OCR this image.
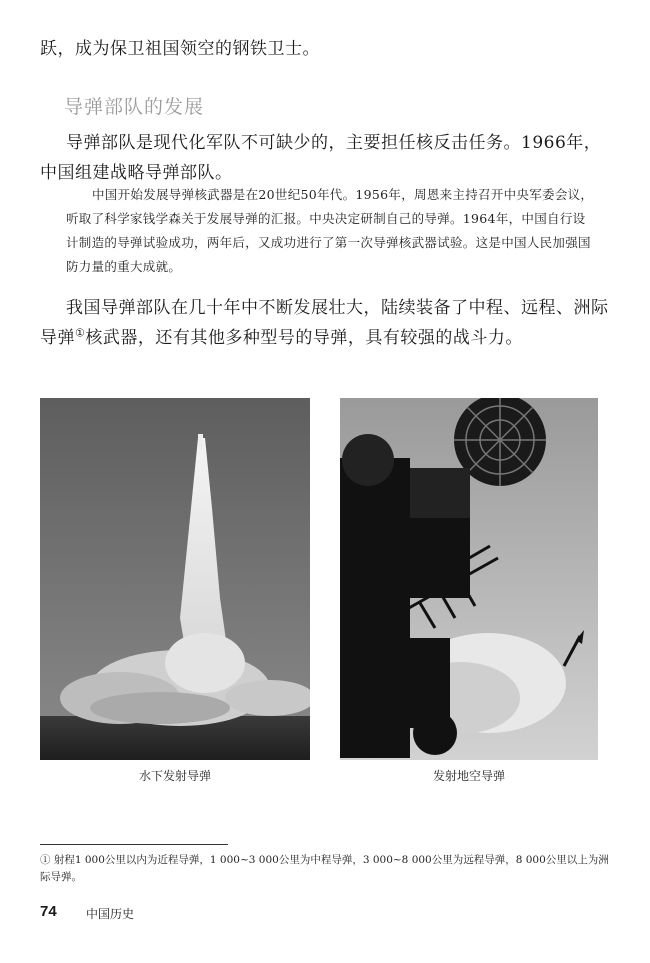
跃，成为保卫祖国领空的钢铁卫士。
导弹部队的发展
导弹部队是现代化军队不可缺少的，主要担任核反击任务。1966年，中国组建战略导弹部队。
中国开始发展导弹核武器是在20世纪50年代。1956年，周恩来主持召开中央军委会议，听取了科学家钱学森关于发展导弹的汇报。中央决定研制自己的导弹。1964年，中国自行设计制造的导弹试验成功，两年后，又成功进行了第一次导弹核武器试验。这是中国人民加强国防力量的重大成就。
我国导弹部队在几十年中不断发展壮大，陆续装备了中程、远程、洲际导弹①核武器，还有其他多种型号的导弹，具有较强的战斗力。
水下发射导弹	发射地空导弹
① 射程1 000公里以内为近程导弹，1 000~3 000公里为中程导弹，3 000~8 000公里为远程导弹，8 000公里以上为洲际导弹。
74 中国历史
